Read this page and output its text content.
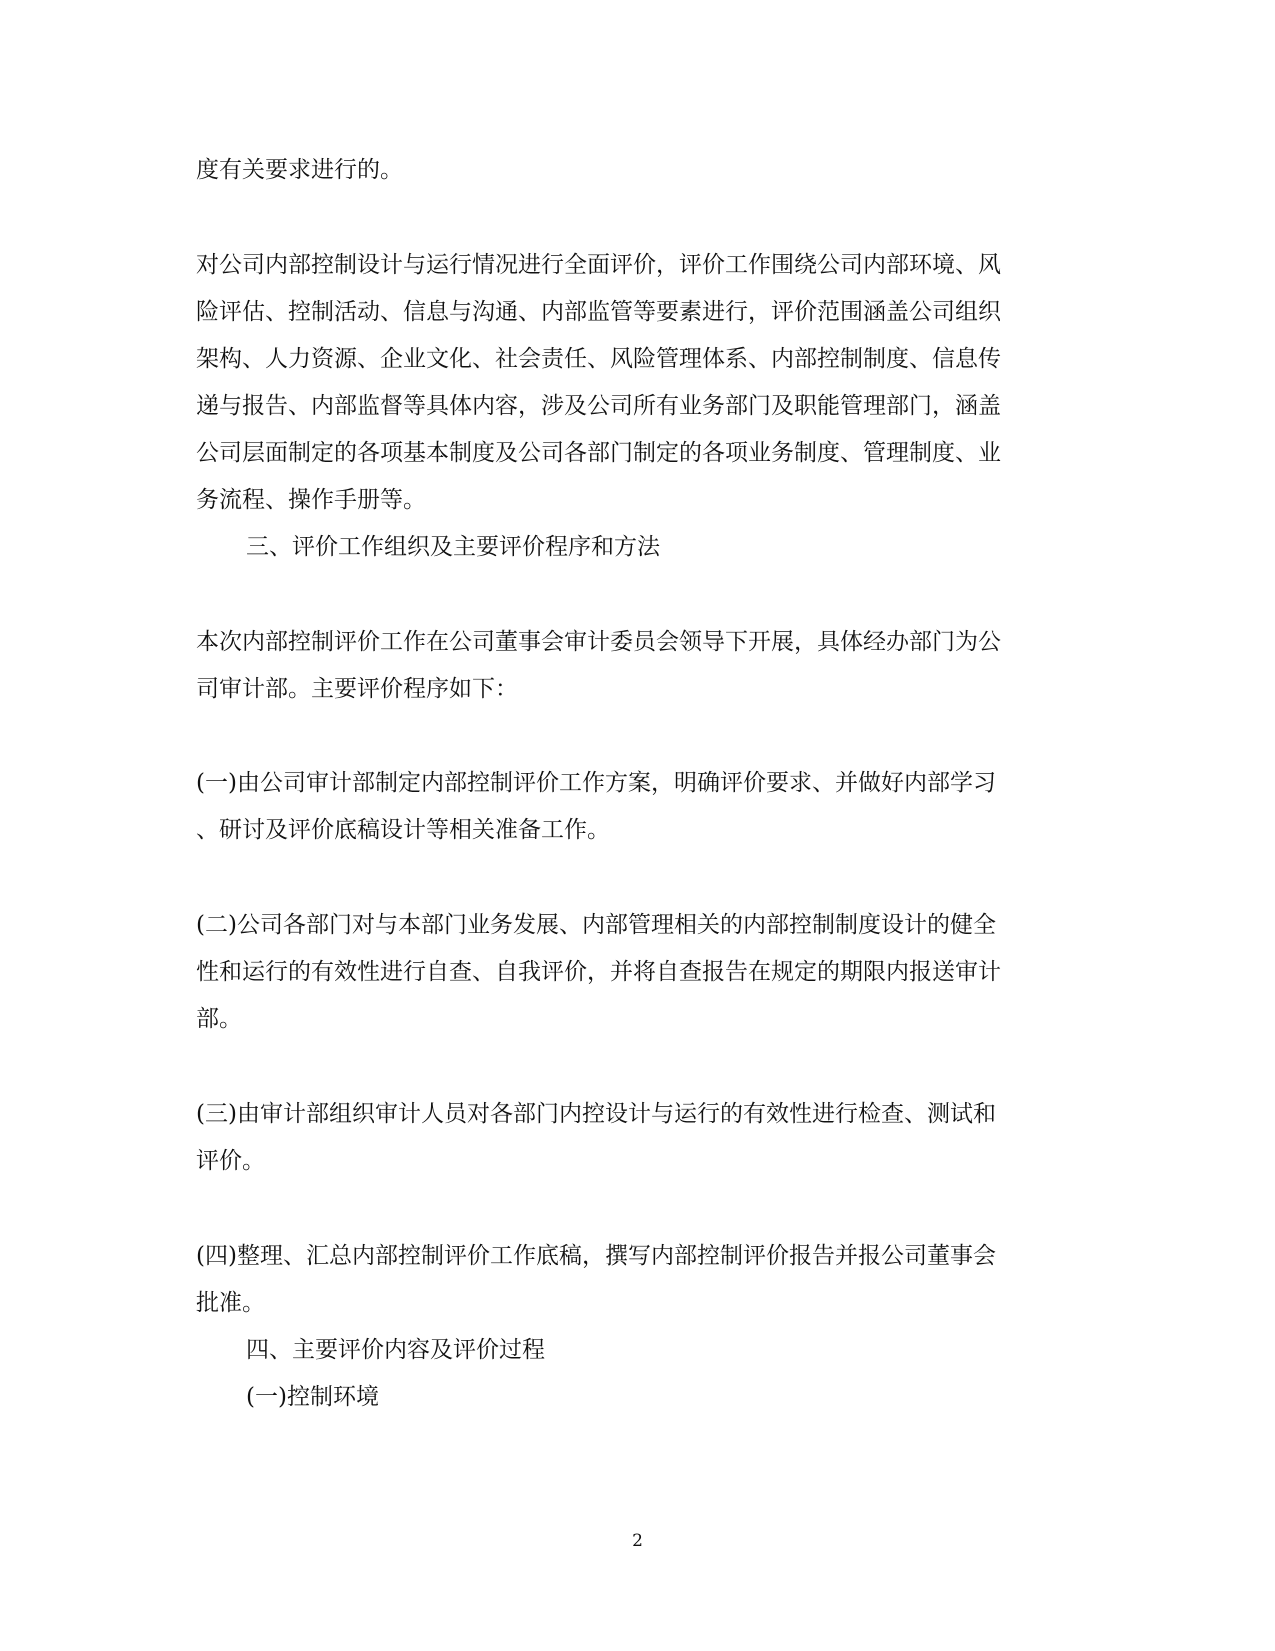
度有关要求进行的。
对公司内部控制设计与运行情况进行全面评价，评价工作围绕公司内部环境、风
险评估、控制活动、信息与沟通、内部监管等要素进行，评价范围涵盖公司组织
架构、人力资源、企业文化、社会责任、风险管理体系、内部控制制度、信息传
递与报告、内部监督等具体内容，涉及公司所有业务部门及职能管理部门，涵盖
公司层面制定的各项基本制度及公司各部门制定的各项业务制度、管理制度、业
务流程、操作手册等。
三、评价工作组织及主要评价程序和方法
本次内部控制评价工作在公司董事会审计委员会领导下开展，具体经办部门为公
司审计部。主要评价程序如下：
(一)由公司审计部制定内部控制评价工作方案，明确评价要求、并做好内部学习
、研讨及评价底稿设计等相关准备工作。
(二)公司各部门对与本部门业务发展、内部管理相关的内部控制制度设计的健全
性和运行的有效性进行自查、自我评价，并将自查报告在规定的期限内报送审计
部。
(三)由审计部组织审计人员对各部门内控设计与运行的有效性进行检查、测试和
评价。
(四)整理、汇总内部控制评价工作底稿，撰写内部控制评价报告并报公司董事会
批准。
四、主要评价内容及评价过程
(一)控制环境
2
